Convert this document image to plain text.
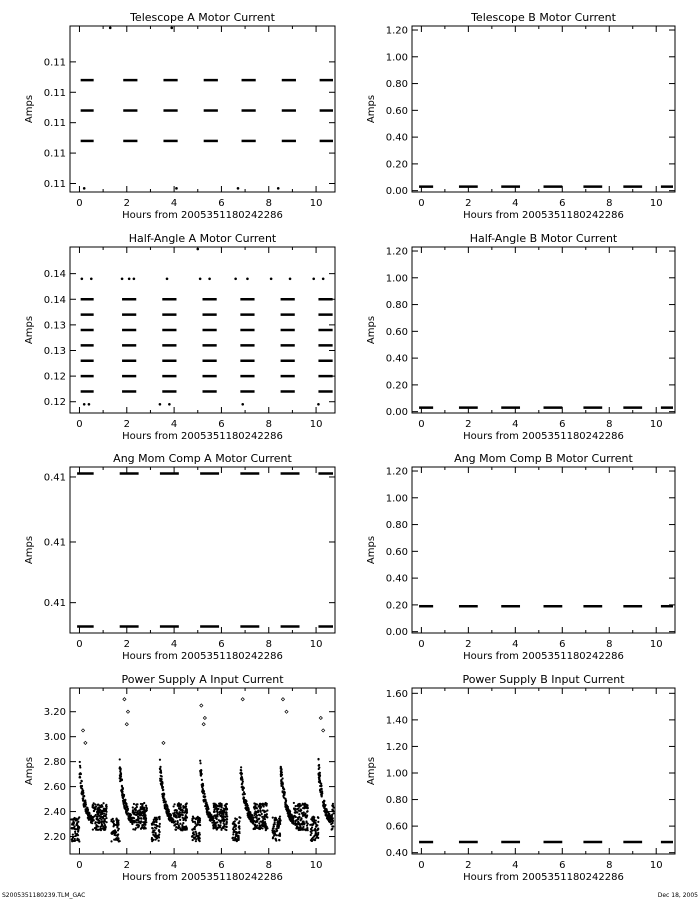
Telescope A Motor Current
Hours from 2005351180242286
Amps
0	2	4	6	8	10
0.11
0.11
0.11
0.11
0.11
Telescope B Motor Current
Hours from 2005351180242286
Amps
0	2	4	6	8	10
0.00
0.20
0.40
0.60
0.80
1.00
1.20
Half-Angle A Motor Current
Hours from 2005351180242286
Amps
0	2	4	6	8	10
0.12
0.12
0.13
0.13
0.14
0.14
Half-Angle B Motor Current
Hours from 2005351180242286
Amps
0	2	4	6	8	10
0.00
0.20
0.40
0.60
0.80
1.00
1.20
Ang Mom Comp A Motor Current
Hours from 2005351180242286
Amps
0	2	4	6	8	10
0.41
0.41
0.41
Ang Mom Comp B Motor Current
Hours from 2005351180242286
Amps
0	2	4	6	8	10
0.00
0.20
0.40
0.60
0.80
1.00
1.20
Power Supply A Input Current
Hours from 2005351180242286
Amps
0	2	4	6	8	10
2.20
2.40
2.60
2.80
3.00
3.20
Power Supply B Input Current
Hours from 2005351180242286
Amps
0	2	4	6	8	10
0.40
0.60
0.80
1.00
1.20
1.40
1.60
S2005351180239.TLM_GAC	Dec 18, 2005
